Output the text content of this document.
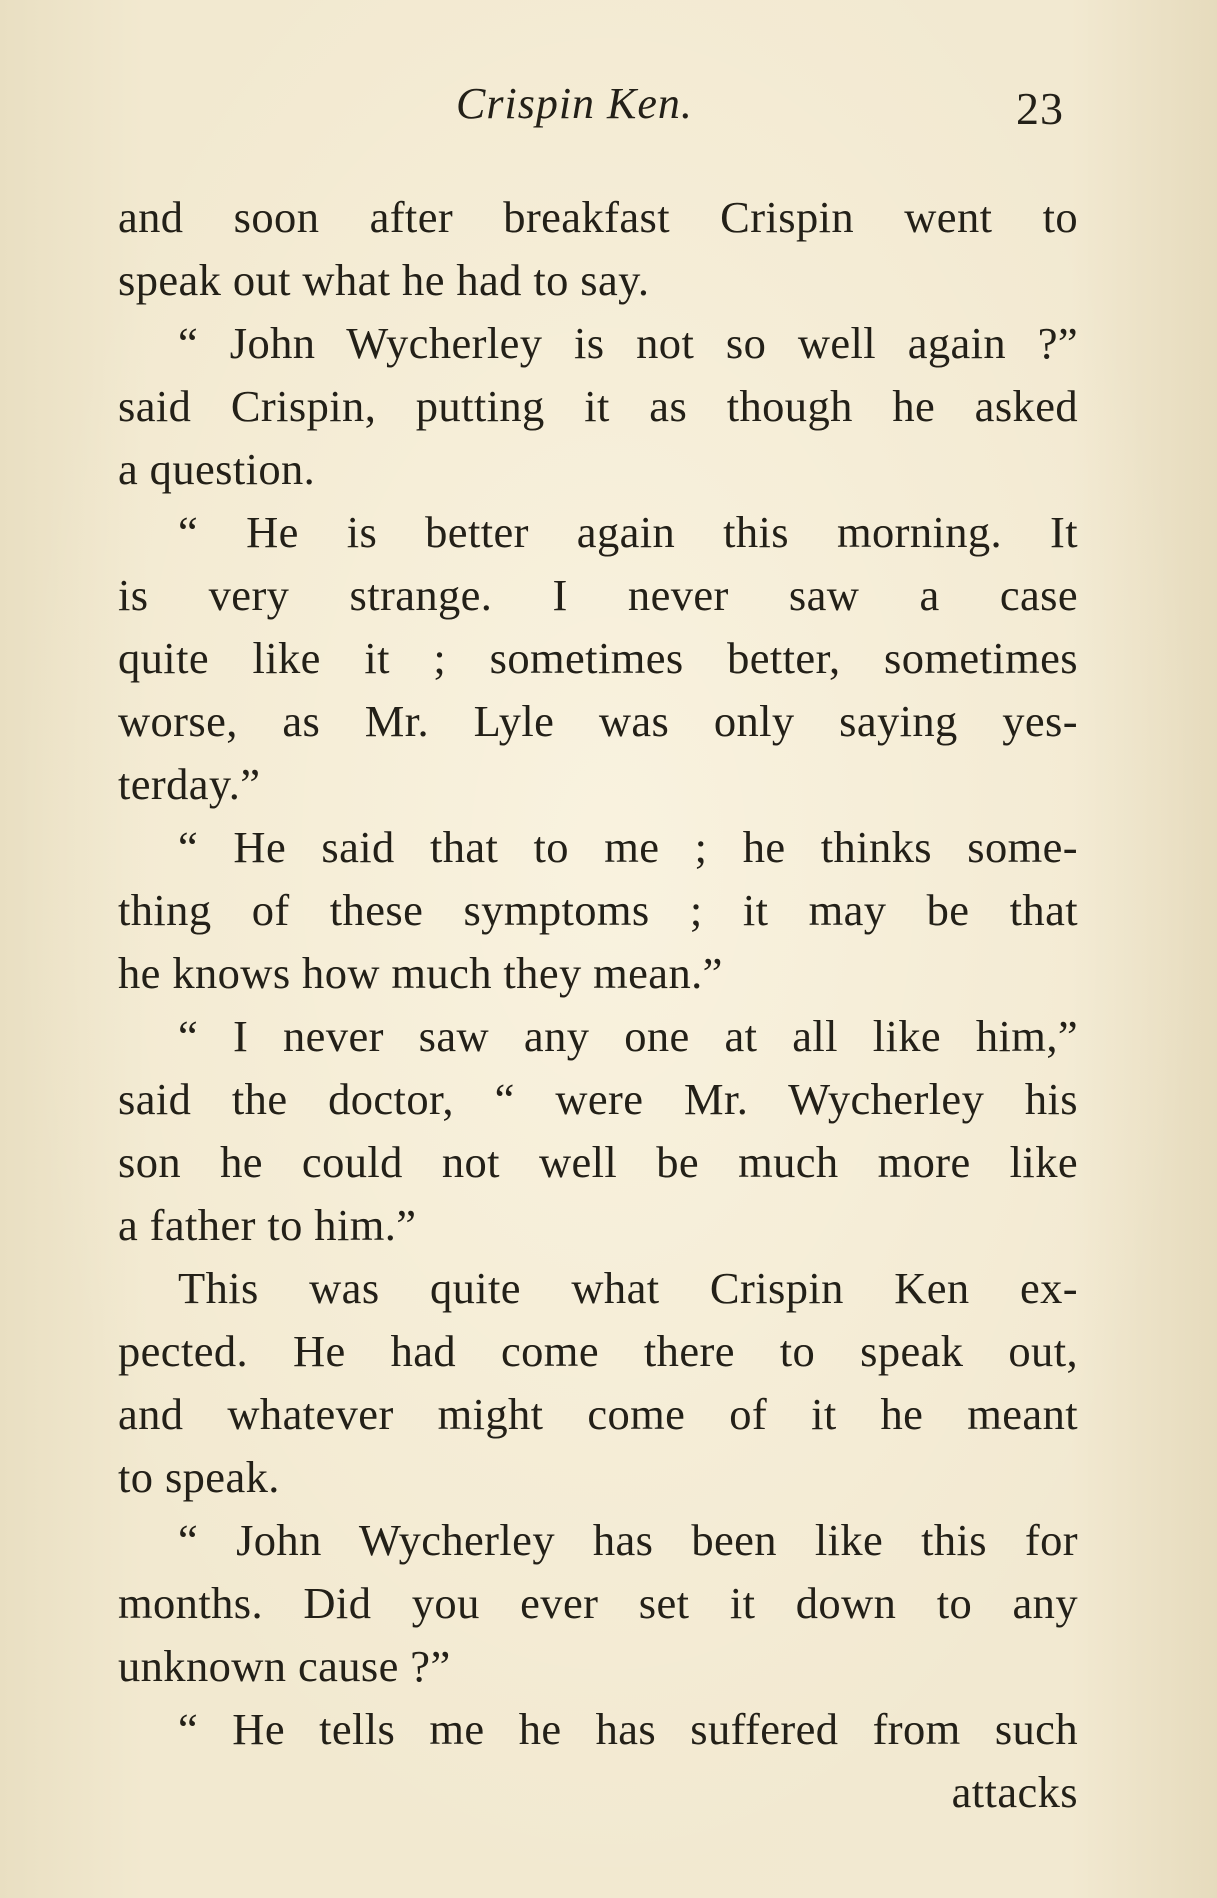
Crispin Ken.	23
and soon after breakfast Crispin went to
speak out what he had to say.
“ John Wycherley is not so well again ?”
said Crispin, putting it as though he asked
a question.
“ He is better again this morning. It
is very strange. I never saw a case
quite like it ; sometimes better, sometimes
worse, as Mr. Lyle was only saying yes-
terday.”
“ He said that to me ; he thinks some-
thing of these symptoms ; it may be that
he knows how much they mean.”
“ I never saw any one at all like him,”
said the doctor, “ were Mr. Wycherley his
son he could not well be much more like
a father to him.”
This was quite what Crispin Ken ex-
pected. He had come there to speak out,
and whatever might come of it he meant
to speak.
“ John Wycherley has been like this for
months. Did you ever set it down to any
unknown cause ?”
“ He tells me he has suffered from such
attacks
